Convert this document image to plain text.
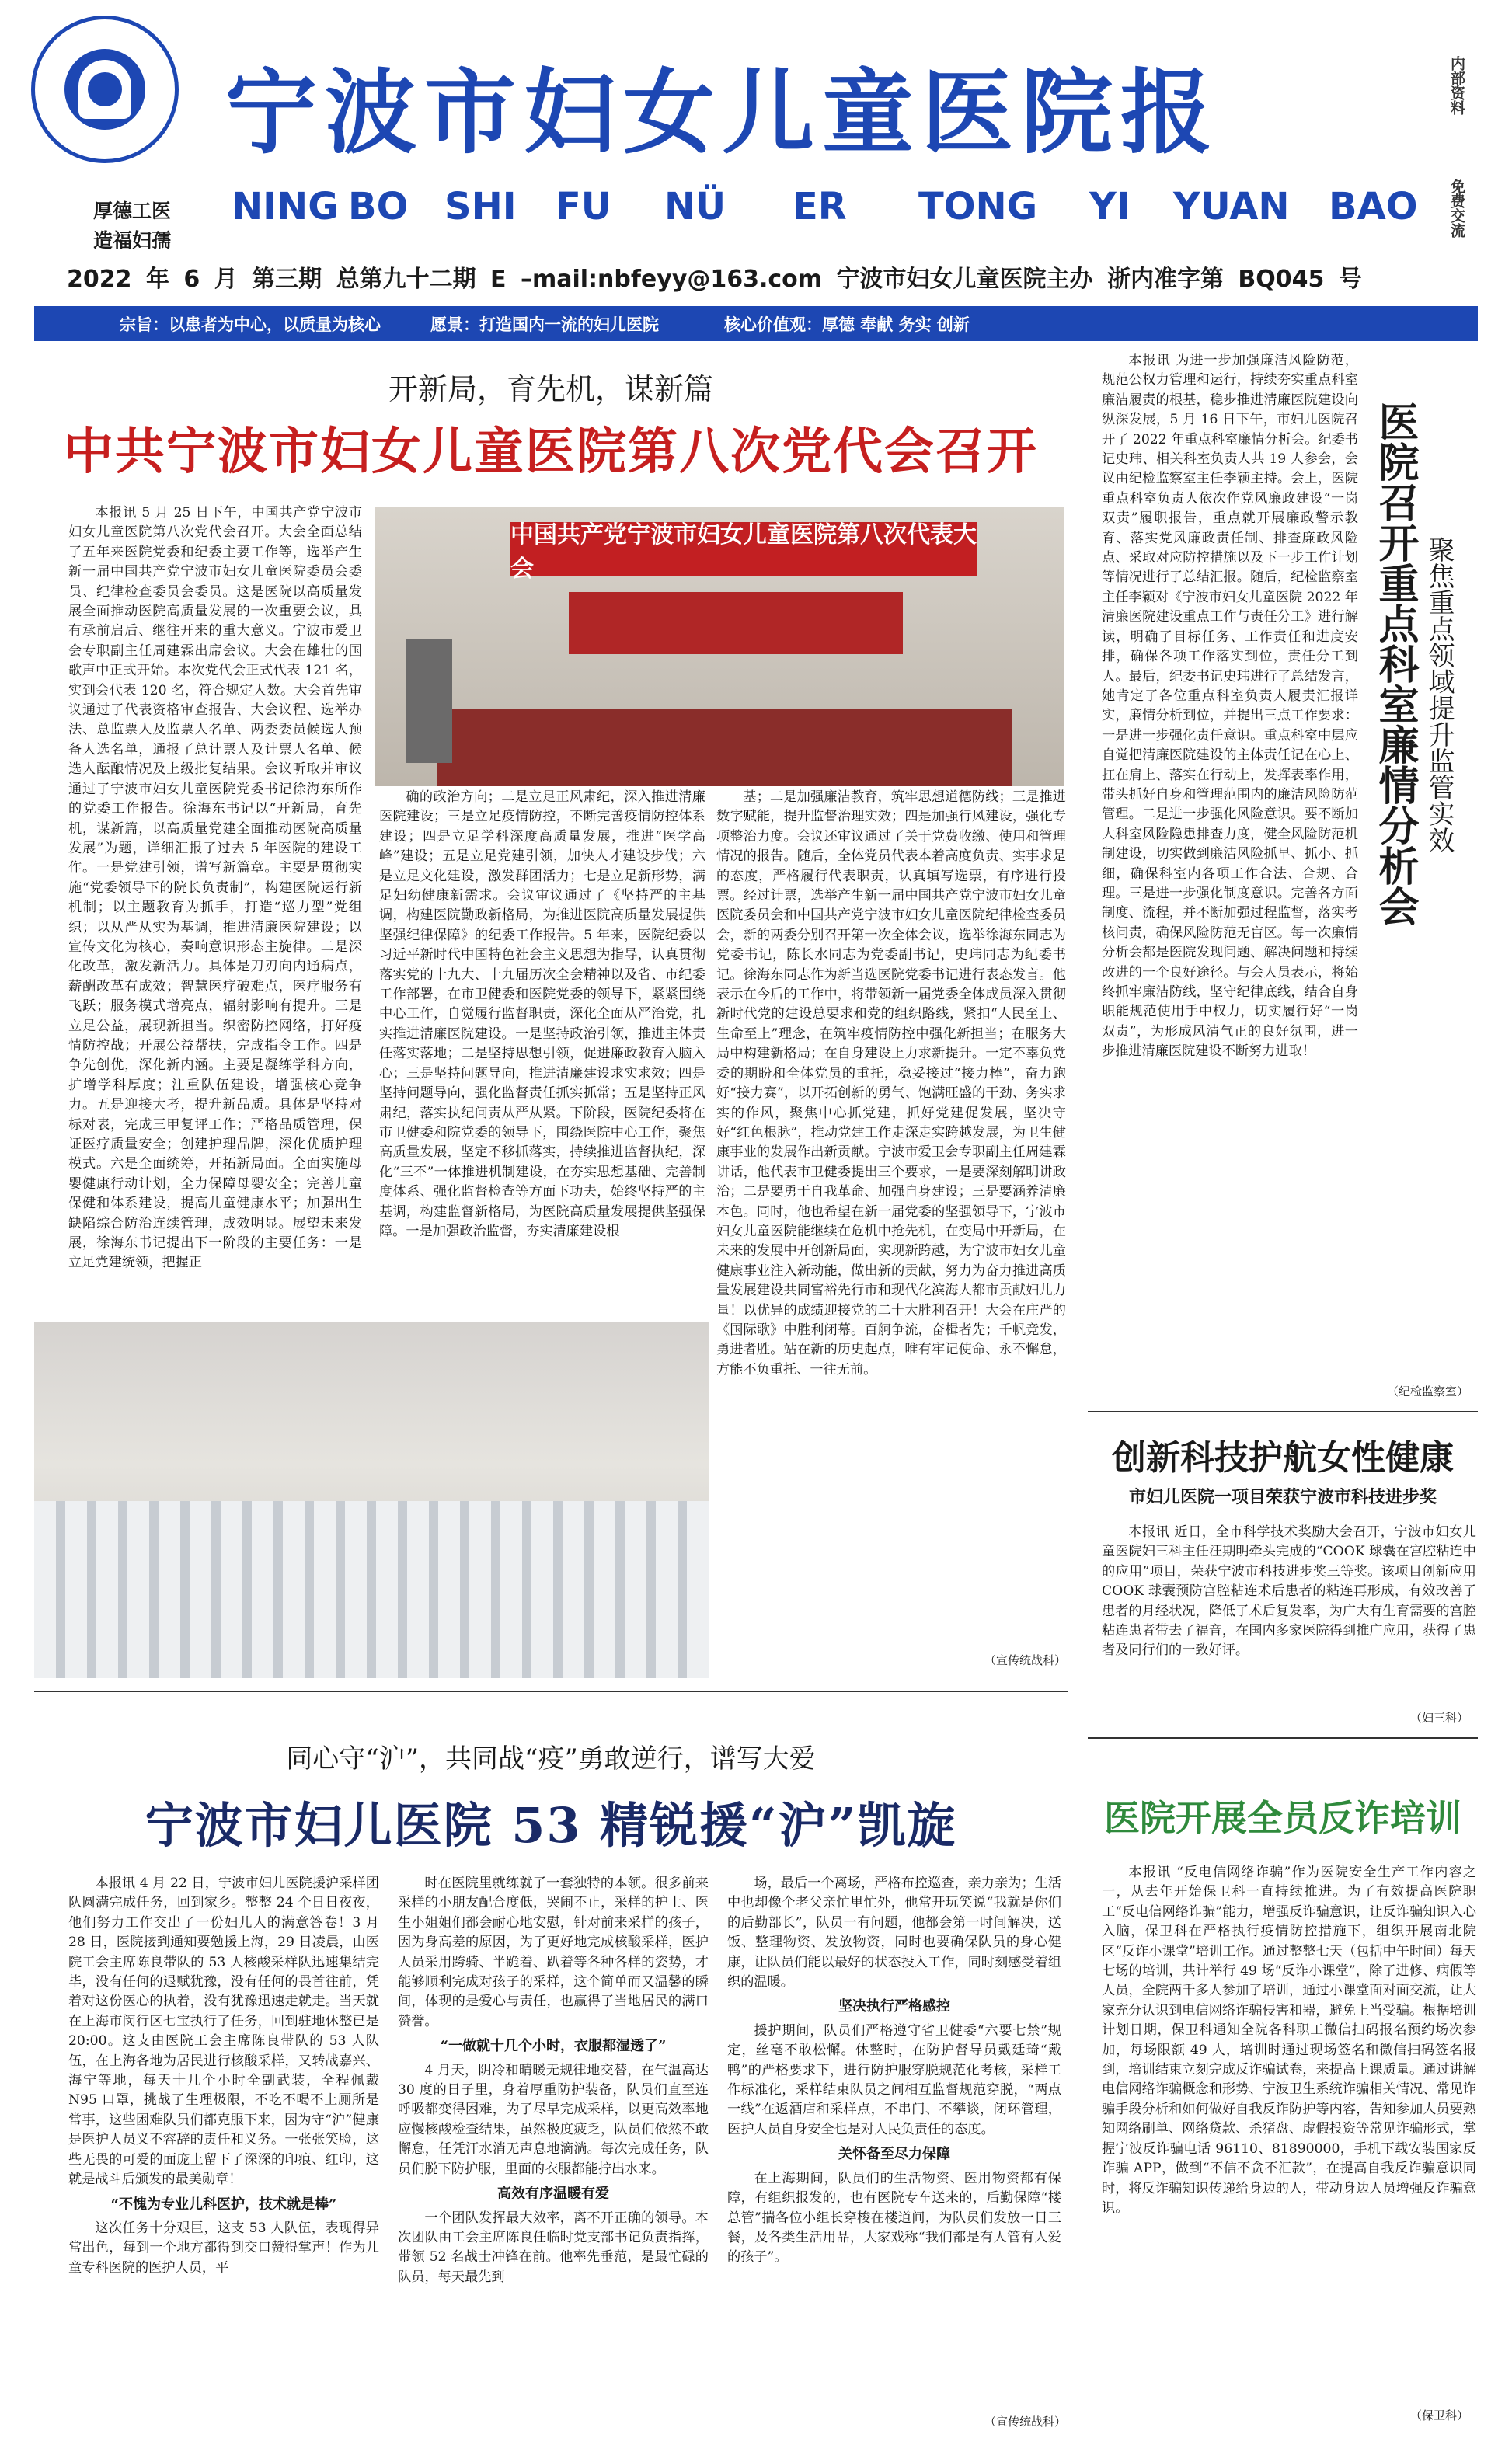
宁波市妇女儿童医院报
厚德工医
造福妇孺
NING BO SHI FU NÜ ER TONG YI YUAN BAO
内部资料
免费交流
2022 年 6 月 第三期 总第九十二期 E –mail:nbfeyy@163.com 宁波市妇女儿童医院主办 浙内准字第 BQ045 号
宗旨：以患者为中心，以质量为核心	愿景：打造国内一流的妇儿医院	核心价值观：厚德 奉献 务实 创新
开新局，育先机，谋新篇
中共宁波市妇女儿童医院第八次党代会召开
中国共产党宁波市妇女儿童医院第八次代表大会

本报讯 5 月 25 日下午，中国共产党宁波市妇女儿童医院第八次党代会召开。大会全面总结了五年来医院党委和纪委主要工作等，选举产生新一届中国共产党宁波市妇女儿童医院委员会委员、纪律检查委员会委员。这是医院以高质量发展全面推动医院高质量发展的一次重要会议，具有承前启后、继往开来的重大意义。宁波市爱卫会专职副主任周建霖出席会议。大会在雄壮的国歌声中正式开始。本次党代会正式代表 121 名，实到会代表 120 名，符合规定人数。大会首先审议通过了代表资格审查报告、大会议程、选举办法、总监票人及监票人名单、两委委员候选人预备人选名单，通报了总计票人及计票人名单、候选人酝酿情况及上级批复结果。会议听取并审议通过了宁波市妇女儿童医院党委书记徐海东所作的党委工作报告。徐海东书记以“开新局，育先机，谋新篇，以高质量党建全面推动医院高质量发展”为题，详细汇报了过去 5 年医院的建设工作。一是党建引领，谱写新篇章。主要是贯彻实施“党委领导下的院长负责制”，构建医院运行新机制；以主题教育为抓手，打造“巡力型”党组织；以从严从实为基调，推进清廉医院建设；以宣传文化为核心，奏响意识形态主旋律。二是深化改革，激发新活力。具体是刀刃向内通病点，薪酬改革有成效；智慧医疗破难点，医疗服务有飞跃；服务模式增亮点，辐射影响有提升。三是立足公益，展现新担当。织密防控网络，打好疫情防控战；开展公益帮扶，完成指令工作。四是争先创优，深化新内涵。主要是凝练学科方向，扩增学科厚度；注重队伍建设，增强核心竞争力。五是迎接大考，提升新品质。具体是坚持对标对表，完成三甲复评工作；严格品质管理，保证医疗质量安全；创建护理品牌，深化优质护理模式。六是全面统筹，开拓新局面。全面实施母婴健康行动计划，全力保障母婴安全；完善儿童保健和体系建设，提高儿童健康水平；加强出生缺陷综合防治连续管理，成效明显。展望未来发展，徐海东书记提出下一阶段的主要任务：一是立足党建统领，把握正

确的政治方向；二是立足正风肃纪，深入推进清廉医院建设；三是立足疫情防控，不断完善疫情防控体系建设；四是立足学科深度高质量发展，推进“医学高峰”建设；五是立足党建引领，加快人才建设步伐；六是立足文化建设，激发群团活力；七是立足新形势，满足妇幼健康新需求。会议审议通过了《坚持严的主基调，构建医院勤政新格局，为推进医院高质量发展提供坚强纪律保障》的纪委工作报告。5 年来，医院纪委以习近平新时代中国特色社会主义思想为指导，认真贯彻落实党的十九大、十九届历次全会精神以及省、市纪委工作部署，在市卫健委和医院党委的领导下，紧紧围绕中心工作，自觉履行监督职责，深化全面从严治党，扎实推进清廉医院建设。一是坚持政治引领，推进主体责任落实落地；二是坚持思想引领，促进廉政教育入脑入心；三是坚持问题导向，推进清廉建设求实求效；四是坚持问题导向，强化监督责任抓实抓常；五是坚持正风肃纪，落实执纪问责从严从紧。下阶段，医院纪委将在市卫健委和院党委的领导下，围绕医院中心工作，聚焦高质量发展，坚定不移抓落实，持续推进监督执纪，深化“三不”一体推进机制建设，在夯实思想基础、完善制度体系、强化监督检查等方面下功夫，始终坚持严的主基调，构建监督新格局，为医院高质量发展提供坚强保障。一是加强政治监督，夯实清廉建设根

基；二是加强廉洁教育，筑牢思想道德防线；三是推进数字赋能，提升监督治理实效；四是加强行风建设，强化专项整治力度。会议还审议通过了关于党费收缴、使用和管理情况的报告。随后，全体党员代表本着高度负责、实事求是的态度，严格履行代表职责，认真填写选票，有序进行投票。经过计票，选举产生新一届中国共产党宁波市妇女儿童医院委员会和中国共产党宁波市妇女儿童医院纪律检查委员会，新的两委分别召开第一次全体会议，选举徐海东同志为党委书记，陈长水同志为党委副书记，史玮同志为纪委书记。徐海东同志作为新当选医院党委书记进行表态发言。他表示在今后的工作中，将带领新一届党委全体成员深入贯彻新时代党的建设总要求和党的组织路线，紧扣“人民至上、生命至上”理念，在筑牢疫情防控中强化新担当；在服务大局中构建新格局；在自身建设上力求新提升。一定不辜负党委的期盼和全体党员的重托，稳妥接过“接力棒”，奋力跑好“接力赛”，以开拓创新的勇气、饱满旺盛的干劲、务实求实的作风，聚焦中心抓党建，抓好党建促发展，坚决守好“红色根脉”，推动党建工作走深走实跨越发展，为卫生健康事业的发展作出新贡献。宁波市爱卫会专职副主任周建霖讲话，他代表市卫健委提出三个要求，一是要深刻解明讲政治；二是要勇于自我革命、加强自身建设；三是要涵养清廉本色。同时，他也希望在新一届党委的坚强领导下，宁波市妇女儿童医院能继续在危机中抢先机，在变局中开新局，在未来的发展中开创新局面，实现新跨越，为宁波市妇女儿童健康事业注入新动能，做出新的贡献，努力为奋力推进高质量发展建设共同富裕先行市和现代化滨海大都市贡献妇儿力量！以优异的成绩迎接党的二十大胜利召开！大会在庄严的《国际歌》中胜利闭幕。百舸争流，奋楫者先；千帆竞发，勇进者胜。站在新的历史起点，唯有牢记使命、永不懈怠，方能不负重托、一往无前。

（宣传统战科）
医院召开重点科室廉情分析会 聚焦重点领域提升监管实效

本报讯 为进一步加强廉洁风险防范，规范公权力管理和运行，持续夯实重点科室廉洁履责的根基，稳步推进清廉医院建设向纵深发展，5 月 16 日下午，市妇儿医院召开了 2022 年重点科室廉情分析会。纪委书记史玮、相关科室负责人共 19 人参会，会议由纪检监察室主任李颖主持。会上，医院重点科室负责人依次作党风廉政建设“一岗双责”履职报告，重点就开展廉政警示教育、落实党风廉政责任制、排查廉政风险点、采取对应防控措施以及下一步工作计划等情况进行了总结汇报。随后，纪检监察室主任李颖对《宁波市妇女儿童医院 2022 年清廉医院建设重点工作与责任分工》进行解读，明确了目标任务、工作责任和进度安排，确保各项工作落实到位，责任分工到人。最后，纪委书记史玮进行了总结发言，她肯定了各位重点科室负责人履责汇报详实，廉情分析到位，并提出三点工作要求：一是进一步强化责任意识。重点科室中层应自觉把清廉医院建设的主体责任记在心上、扛在肩上、落实在行动上，发挥表率作用，带头抓好自身和管理范围内的廉洁风险防范管理。二是进一步强化风险意识。要不断加大科室风险隐患排查力度，健全风险防范机制建设，切实做到廉洁风险抓早、抓小、抓细，确保科室内各项工作合法、合规、合理。三是进一步强化制度意识。完善各方面制度、流程，并不断加强过程监督，落实考核问责，确保风险防范无盲区。每一次廉情分析会都是医院发现问题、解决问题和持续改进的一个良好途径。与会人员表示，将始终抓牢廉洁防线，坚守纪律底线，结合自身职能规范使用手中权力，切实履行好“一岗双责”，为形成风清气正的良好氛围，进一步推进清廉医院建设不断努力进取！

（纪检监察室）
创新科技护航女性健康
市妇儿医院一项目荣获宁波市科技进步奖

本报讯 近日，全市科学技术奖励大会召开，宁波市妇女儿童医院妇三科主任汪期明牵头完成的“COOK 球囊在宫腔粘连中的应用”项目，荣获宁波市科技进步奖三等奖。该项目创新应用 COOK 球囊预防宫腔粘连术后患者的粘连再形成，有效改善了患者的月经状况，降低了术后复发率，为广大有生育需要的宫腔粘连患者带去了福音，在国内多家医院得到推广应用，获得了患者及同行们的一致好评。

（妇三科）
医院开展全员反诈培训

本报讯 “反电信网络诈骗”作为医院安全生产工作内容之一，从去年开始保卫科一直持续推进。为了有效提高医院职工“反电信网络诈骗”能力，增强反诈骗意识，让反诈骗知识入心入脑，保卫科在严格执行疫情防控措施下，组织开展南北院区“反诈小课堂”培训工作。通过整整七天（包括中午时间）每天七场的培训，共计举行 49 场“反诈小课堂”，除了进修、病假等人员，全院两千多人参加了培训，通过小课堂面对面交流，让大家充分认识到电信网络诈骗侵害和器，避免上当受骗。根据培训计划日期，保卫科通知全院各科职工微信扫码报名预约场次参加，每场限额 49 人，培训时通过现场签名和微信扫码签名报到，培训结束立刻完成反诈骗试卷，来提高上课质量。通过讲解电信网络诈骗概念和形势、宁波卫生系统诈骗相关情况、常见诈骗手段分析和如何做好自我反诈防护等内容，告知参加人员要熟知网络刷单、网络贷款、杀猪盘、虚假投资等常见诈骗形式，掌握宁波反诈骗电话 96110、81890000，手机下载安装国家反诈骗 APP，做到“不信不贪不汇款”，在提高自我反诈骗意识同时，将反诈骗知识传递给身边的人，带动身边人员增强反诈骗意识。

（保卫科）
同心守“沪”，共同战“疫”勇敢逆行，谱写大爱
宁波市妇儿医院 53 精锐援“沪”凯旋

本报讯 4 月 22 日，宁波市妇儿医院援沪采样团队圆满完成任务，回到家乡。整整 24 个日日夜夜，他们努力工作交出了一份妇儿人的满意答卷！3 月 28 日，医院接到通知要勉援上海，29 日凌晨，由医院工会主席陈良带队的 53 人核酸采样队迅速集结完毕，没有任何的退赋犹豫，没有任何的畏首往前，凭着对这份医心的执着，没有犹豫迅速走就走。当天就在上海市闵行区七宝执行了任务，回到驻地休整已是 20:00。这支由医院工会主席陈良带队的 53 人队伍，在上海各地为居民进行核酸采样，又转战嘉兴、海宁等地，每天十几个小时全副武装，全程佩戴 N95 口罩，挑战了生理极限，不吃不喝不上厕所是常事，这些困难队员们都克服下来，因为守“沪”健康是医护人员义不容辞的责任和义务。一张张笑脸，这些无畏的可爱的面庞上留下了深深的印痕、红印，这就是战斗后颁发的最美勋章！

“不愧为专业儿科医护，技术就是棒”

这次任务十分艰巨，这支 53 人队伍，表现得异常出色，每到一个地方都得到交口赞得掌声！作为儿童专科医院的医护人员，平

时在医院里就练就了一套独特的本领。很多前来采样的小朋友配合度低，哭闹不止，采样的护士、医生小姐姐们都会耐心地安慰，针对前来采样的孩子，因为身高差的原因，为了更好地完成核酸采样，医护人员采用跨骑、半跪着、趴着等各种各样的姿势，才能够顺利完成对孩子的采样，这个简单而又温馨的瞬间，体现的是爱心与责任，也赢得了当地居民的满口赞誉。

“一做就十几个小时，衣服都湿透了”

4 月天，阴冷和晴暖无规律地交替，在气温高达 30 度的日子里，身着厚重防护装备，队员们直至连呼吸都变得困难，为了尽早完成采样，以更高效率地应慢核酸检查结果，虽然极度疲乏，队员们依然不敢懈怠，任凭汗水消无声息地滴淌。每次完成任务，队员们脱下防护服，里面的衣服都能拧出水来。

高效有序温暖有爱

一个团队发挥最大效率，离不开正确的领导。本次团队由工会主席陈良任临时党支部书记负责指挥，带领 52 名战士冲锋在前。他率先垂范，是最忙碌的队员，每天最先到

场，最后一个离场，严格布控巡查，亲力亲为；生活中也却像个老父亲忙里忙外，他常开玩笑说“我就是你们的后勤部长”，队员一有问题，他都会第一时间解决，送饭、整理物资、发放物资，同时也要确保队员的身心健康，让队员们能以最好的状态投入工作，同时刻感受着组织的温暖。

坚决执行严格感控

援护期间，队员们严格遵守省卫健委“六要七禁”规定，丝毫不敢松懈。休整时，在防护督导员戴廷琦“戴鸭”的严格要求下，进行防护服穿脱规范化考核，采样工作标准化，采样结束队员之间相互监督规范穿脱，“两点一线”在返酒店和采样点，不串门、不攀谈，闭环管理，医护人员自身安全也是对人民负责任的态度。

关怀备至尽力保障

在上海期间，队员们的生活物资、医用物资都有保障，有组织报发的，也有医院专车送来的，后勤保障“楼总管”揣各位小组长穿梭在楼道间，为队员们发放一日三餐，及各类生活用品，大家戏称“我们都是有人管有人爱的孩子”。

（宣传统战科）
